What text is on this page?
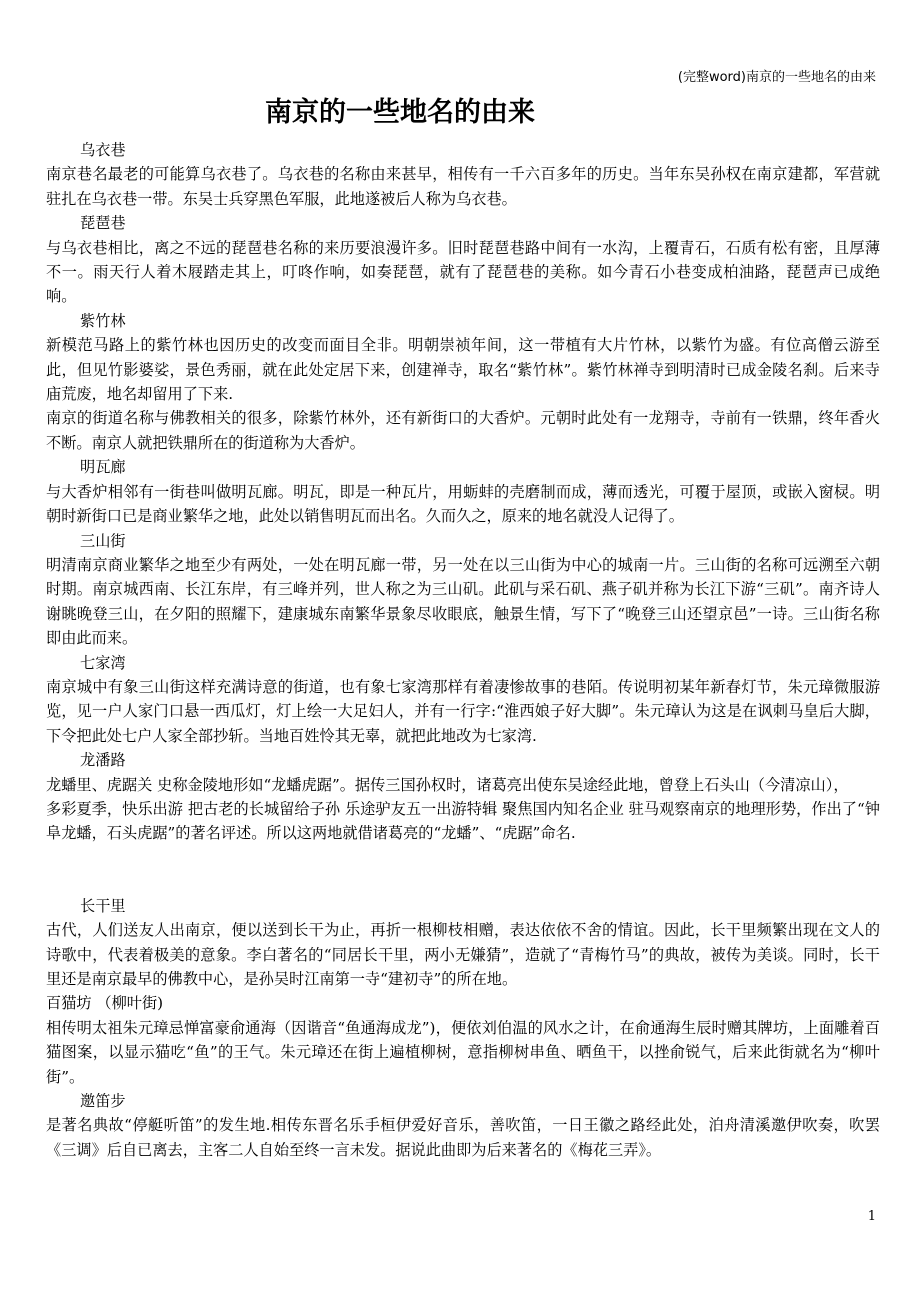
(完整word)南京的一些地名的由来
南京的一些地名的由来

乌衣巷

南京巷名最老的可能算乌衣巷了。乌衣巷的名称由来甚早，相传有一千六百多年的历史。当年东吴孙权在南京建都，军营就驻扎在乌衣巷一带。东吴士兵穿黑色军服，此地遂被后人称为乌衣巷。

琵琶巷

与乌衣巷相比，离之不远的琵琶巷名称的来历要浪漫许多。旧时琵琶巷路中间有一水沟，上覆青石，石质有松有密，且厚薄不一。雨天行人着木屐踏走其上，叮咚作响，如奏琵琶，就有了琵琶巷的美称。如今青石小巷变成柏油路，琵琶声已成绝响。

紫竹林

新模范马路上的紫竹林也因历史的改变而面目全非。明朝崇祯年间，这一带植有大片竹林，以紫竹为盛。有位高僧云游至此，但见竹影婆娑，景色秀丽，就在此处定居下来，创建禅寺，取名“紫竹林”。紫竹林禅寺到明清时已成金陵名刹。后来寺庙荒废，地名却留用了下来.

南京的街道名称与佛教相关的很多，除紫竹林外，还有新街口的大香炉。元朝时此处有一龙翔寺，寺前有一铁鼎，终年香火不断。南京人就把铁鼎所在的街道称为大香炉。

明瓦廊

与大香炉相邻有一街巷叫做明瓦廊。明瓦，即是一种瓦片，用蛎蚌的壳磨制而成，薄而透光，可覆于屋顶，或嵌入窗棂。明朝时新街口已是商业繁华之地，此处以销售明瓦而出名。久而久之，原来的地名就没人记得了。

三山街

明清南京商业繁华之地至少有两处，一处在明瓦廊一带，另一处在以三山街为中心的城南一片。三山街的名称可远溯至六朝时期。南京城西南、长江东岸，有三峰并列，世人称之为三山矶。此矶与采石矶、燕子矶并称为长江下游“三矶”。南齐诗人谢眺晚登三山，在夕阳的照耀下，建康城东南繁华景象尽收眼底，触景生情，写下了“晚登三山还望京邑”一诗。三山街名称即由此而来。

七家湾

南京城中有象三山街这样充满诗意的街道，也有象七家湾那样有着凄惨故事的巷陌。传说明初某年新春灯节，朱元璋微服游览，见一户人家门口悬一西瓜灯，灯上绘一大足妇人，并有一行字:“淮西娘子好大脚”。朱元璋认为这是在讽刺马皇后大脚，下令把此处七户人家全部抄斩。当地百姓怜其无辜，就把此地改为七家湾.

龙潘路

龙蟠里、虎踞关 史称金陵地形如“龙蟠虎踞”。据传三国孙权时，诸葛亮出使东吴途经此地，曾登上石头山（今清凉山），

多彩夏季，快乐出游 把古老的长城留给子孙 乐途驴友五一出游特辑 聚焦国内知名企业 驻马观察南京的地理形势，作出了“钟阜龙蟠，石头虎踞”的著名评述。所以这两地就借诸葛亮的“龙蟠”、“虎踞”命名.

长干里

古代，人们送友人出南京，便以送到长干为止，再折一根柳枝相赠，表达依依不舍的情谊。因此，长干里频繁出现在文人的诗歌中，代表着极美的意象。李白著名的“同居长干里，两小无嫌猜”，造就了“青梅竹马”的典故，被传为美谈。同时，长干里还是南京最早的佛教中心，是孙吴时江南第一寺“建初寺”的所在地。

百猫坊 （柳叶街)

相传明太祖朱元璋忌惮富豪俞通海（因谐音“鱼通海成龙”)，便依刘伯温的风水之计，在俞通海生辰时赠其牌坊，上面雕着百猫图案，以显示猫吃“鱼”的王气。朱元璋还在街上遍植柳树，意指柳树串鱼、晒鱼干，以挫俞锐气，后来此街就名为“柳叶街”。

邀笛步

是著名典故“停艇听笛”的发生地.相传东晋名乐手桓伊爱好音乐，善吹笛，一日王徽之路经此处，泊舟清溪邀伊吹奏，吹罢《三调》后自已离去，主客二人自始至终一言未发。据说此曲即为后来著名的《梅花三弄》。

1
